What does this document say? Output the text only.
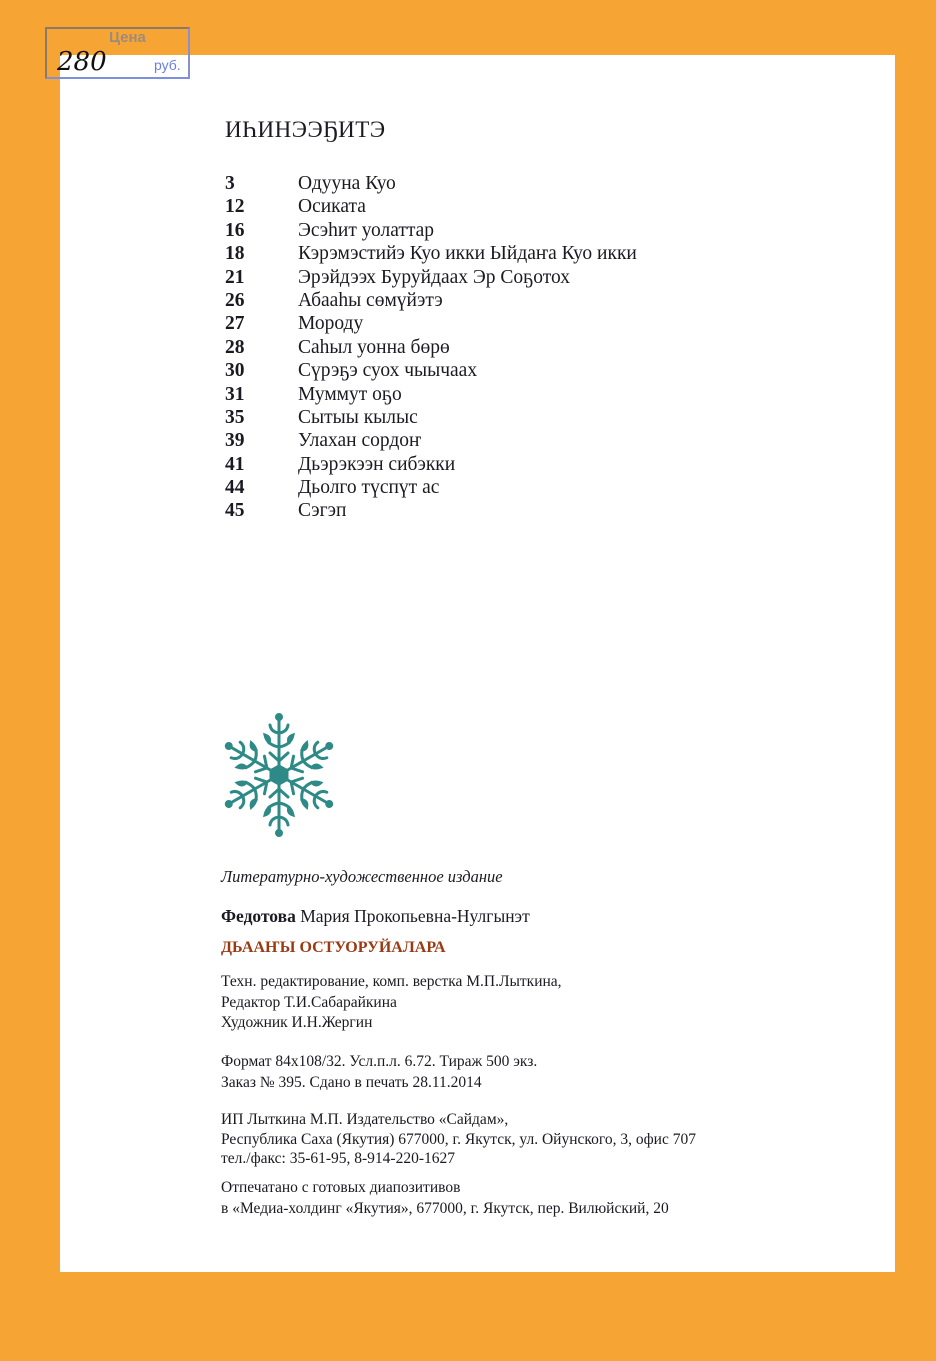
Цена
280	руб.
ИҺИНЭЭҔИТЭ
3	Одууна Куо
12	Осиката
16	Эсэһит уолаттар
18	Кэрэмэстийэ Куо икки Ыйдаҥа Куо икки
21	Эрэйдээх Буруйдаах Эр Соҕотох
26	Абааһы сөмүйэтэ
27	Мороду
28	Саһыл уонна бөрө
30	Сүрэҕэ суох чыычаах
31	Муммут оҕо
35	Сытыы кылыс
39	Улахан сордоҥ
41	Дьэрэкээн сибэкки
44	Дьолго түспүт ас
45	Сэгэп
Литературно-художественное издание
Федотова Мария Прокопьевна-Нулгынэт
ДЬААҤЫ ОСТУОРУЙАЛАРА
Техн. редактирование, комп. верстка М.П.Лыткина,
Редактор Т.И.Сабарайкина
Художник И.Н.Жергин
Формат 84х108/32. Усл.п.л. 6.72. Тираж 500 экз.
Заказ № 395. Сдано в печать 28.11.2014
ИП Лыткина М.П. Издательство «Сайдам»,
Республика Саха (Якутия) 677000, г. Якутск, ул. Ойунского, 3, офис 707
тел./факс: 35-61-95, 8-914-220-1627
Отпечатано с готовых диапозитивов
в «Медиа-холдинг «Якутия», 677000, г. Якутск, пер. Вилюйский, 20
